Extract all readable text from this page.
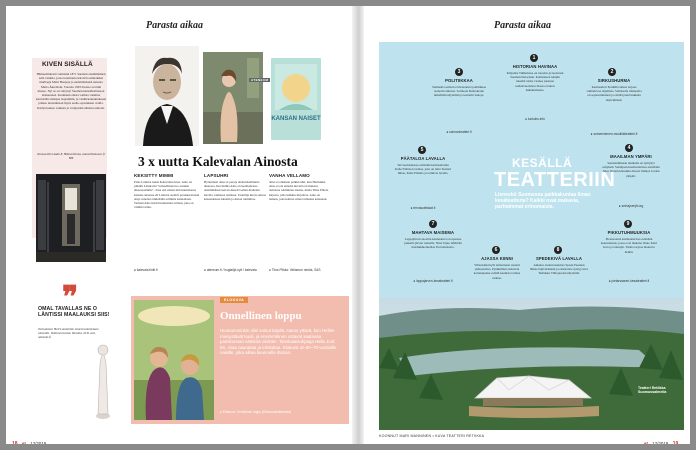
Parasta aikaa
KIVEN SISÄLLÄ
Hämeenlinnaan valmistui 1871 Suomen ensimmäinen selli-vankila, jossa tuomionsa kärsivät esimerkiksi murhaaja Matti Haapoja ja ensimmäisenä naisena Maria Åkerblom. Vuonna 1993 tiloissa avattiin museo. Nyt se on siirtynyt Suomen kansallismuseon alaisuuteen. Kesäkuun alusta vanhaa vankilaa kierretään aiempaa laajemmin, ja vankilarakennukseen pääsee tutustumaan myös audio-opastuksen avulla. Kävijä kuulee vankien ja vartijoiden äänien tarinoita.
Kustaa Kivi-kadu 8, Hämeenlinna, kansallismuseo.fi NN
❞
OMAL TAVALLAS NE O LÄNTISSI MAALAUKSI SIIS!
Turkulaisen Hell Lundström nimeä tarkistetaan nimeväli, Valtioneuvoston Ilmoitus 20.8. asti, naistalo.fi
ATENEUM
KANSAN NAISET
3 x uutta Kalevalan Ainosta
KEKSITTY MIMMI
Elias Lönnrot keksi Kalevalan runot. Aino on pitkälti Lönnrotin "tarbeellinen tuo-vuuden alkaessaamme". Joka etsi ennen niin kuuluisassa kansan runoissa eli Lönnrot suolitti peruskertonaan Anjo runoista nimeltään toiminta kannaltaan. Tarinan Aino herätti kuuluisan tarinan, joka on vanhin tarina.
● kalevala.finlit.fi
LAPSUHRI
Hyrkamaa! Aino ei paroja ehdotteleminutta alkaessa. Kuvitelma Aino on kesälomassa ensimmäisen kerran Akseli Gallen-Kallelan kuvitta vanhassa taulussa. Taiteilija kuvaa Ainoa kokonaisuus Akselin ja Ainon toimintaa.
● ateneum.fi / hugtalljd-nyit / kalevala
VANHA VELLAMO
Aino ei ollekaan pelkkä uhri, kun Hariiukka. Aino ei ole ennalta kuvattu tai muussa tarinassa toiminnan aikana, mutta Tiina Piilola kirjasta, jolla kaikkia kirjoittaa. Aino on nainen, joka kohtaa oman tarinansa kanssaan.
● Tiina Piilola: Vellamon neidot, S&S
ELOKUVA
Onnellinen loppu
Huonomminkin olisi voinut käydä, sanoo yttävä, kun Hellen miesystävät kuoli, ja ensimmäinen ostavat saatavaa pariskunnan säästöä viinittän. Tanskalaisohjaaja Hella Joof, 56, osaa nauraitaa ja lohduttaa. Elokuva on 60–70-vuotiaille naisille, joka alkaa kuunnella ihanan.
● Elokuva: Onnellinen loppu (Elokuvateatterissa)
18 et 12/2019
Parasta aikaa
KESÄLLÄ
TEATTERIIN
Lieneekö Suomessa paikkakuntaa ilman kesäteatteria? Kaikki ovat mukavia, parhaimmat erinomaisia.
1
HISTORIAN HAVINAA
Kilpailee Tuhkelassa on tuotettu ja tuotetaan Suomen historiaan. Kotimaisen tekijän tekemä tarina vaunee juoksua uudenvuotisissa tilassa evakon näkökulmasta.
● luukobs.info
2
SIRKUSHURMA
Kesäteatteri Eerikillä sirkus tarjoaa vaihtelevaa ohjelmaa. Sellaisella tilanteella on sopusointuinen ja esittää pieni kukkula näytelmässä.
● somerniemen-musiikkiteatteri.fi
3
POLITIIKKAA
Saimaalla seilaava laivateatteri politiikkaa teatterin aiheista. Soimoon Demokratia nimellään näytetään ja teatterin lautoja.
● soimonteatteri.fi
4
MAAILMAN YMPÄRI
Suomenlinnaan matkalla on syntynyt esityksiä. Seinäjoen kesäteatterissa esitellään Jules Vernen klassikko Kuusi viikkoa Jorden ympäri.
● seinajoenjtt.org
5
PÄÄTALOA LAVALLA
Tervasoleiskassa esitetään kesäteatterina Kalle Päätalon tarinaa, joka on tuttu Teatteri Ilmaa, Kalle Päätalo ja toimivat lavalla.
● tervasoleiskat.fi
6
AJASSA KIINNI
Vihtorianki kylä tarinoineen toteutti päätuotettua. Pyökkililan elokuvan koiranjuoksu esittää kaunista tarinaa tarinaa.
7
MAHTAVA MAISEMA
Lappajärven suosittu kesäteatteri on upeassa paikalla järven rannalla. Nina Tapio tähdittää musiikkikomediaa Porrushokotta.
● lappajarven-kesateatteri.fi
8
SPEDEKIVÄ LAVALLA
Aikansa elokuvasuurista Spede Pasanen lähtee läpivalaisuun ja elokuvista syntyy kiva Terhakka Vihtopuolen näytelmä.
9
PIKKUTUHMUUKSIA
Pietarsaaren kesäteatterissa esitetään kokonaisuus, jossa ovat mukana Sisko Kairi Karo ja tanssijat. Tarina tarjoaa mukavia hetkiä.
● pietarsaaren-kesateatteri.fi
Teatteri Retiikka Suomussalmella
KOONNUT MARI MANNINEN • KUVA TEATTERI RETIIKKA
et 12/2019 19
